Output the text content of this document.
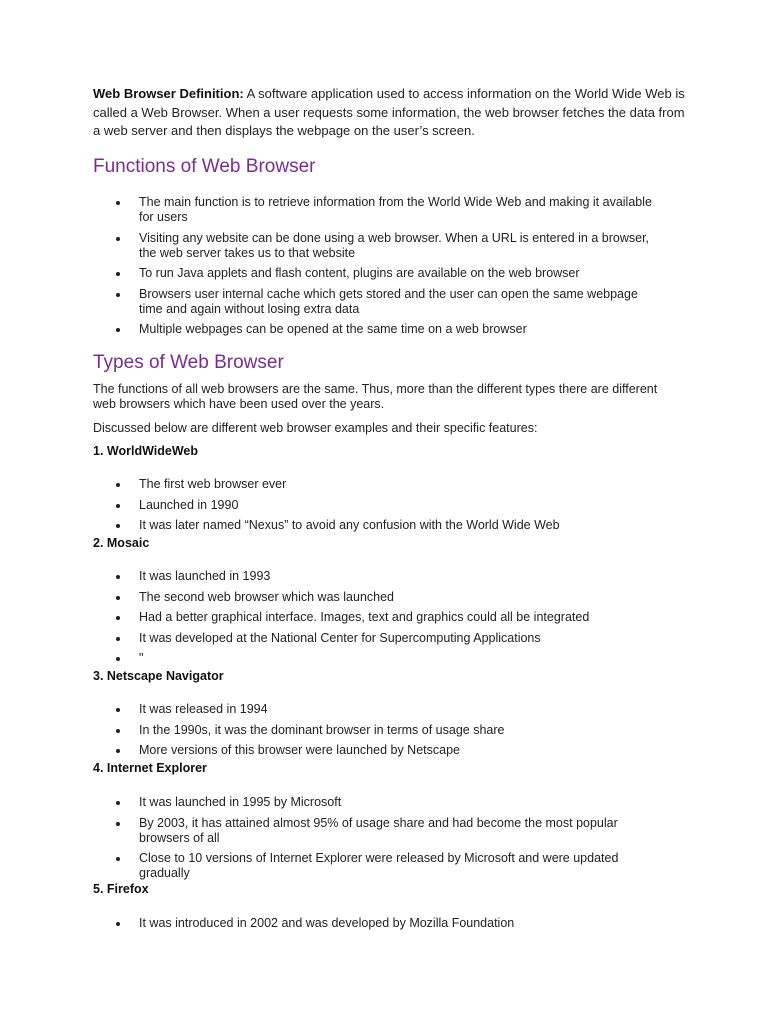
Web Browser Definition: A software application used to access information on the World Wide Web is called a Web Browser. When a user requests some information, the web browser fetches the data from a web server and then displays the webpage on the user’s screen.

Functions of Web Browser
The main function is to retrieve information from the World Wide Web and making it available for users
Visiting any website can be done using a web browser. When a URL is entered in a browser, the web server takes us to that website
To run Java applets and flash content, plugins are available on the web browser
Browsers user internal cache which gets stored and the user can open the same webpage time and again without losing extra data
Multiple webpages can be opened at the same time on a web browser
Types of Web Browser

The functions of all web browsers are the same. Thus, more than the different types there are different web browsers which have been used over the years.

Discussed below are different web browser examples and their specific features:

1. WorldWideWeb
The first web browser ever
Launched in 1990
It was later named “Nexus” to avoid any confusion with the World Wide Web
2. Mosaic
It was launched in 1993
The second web browser which was launched
Had a better graphical interface. Images, text and graphics could all be integrated
It was developed at the National Center for Supercomputing Applications
"
3. Netscape Navigator
It was released in 1994
In the 1990s, it was the dominant browser in terms of usage share
More versions of this browser were launched by Netscape
4. Internet Explorer
It was launched in 1995 by Microsoft
By 2003, it has attained almost 95% of usage share and had become the most popular browsers of all
Close to 10 versions of Internet Explorer were released by Microsoft and were updated gradually
5. Firefox
It was introduced in 2002 and was developed by Mozilla Foundation
